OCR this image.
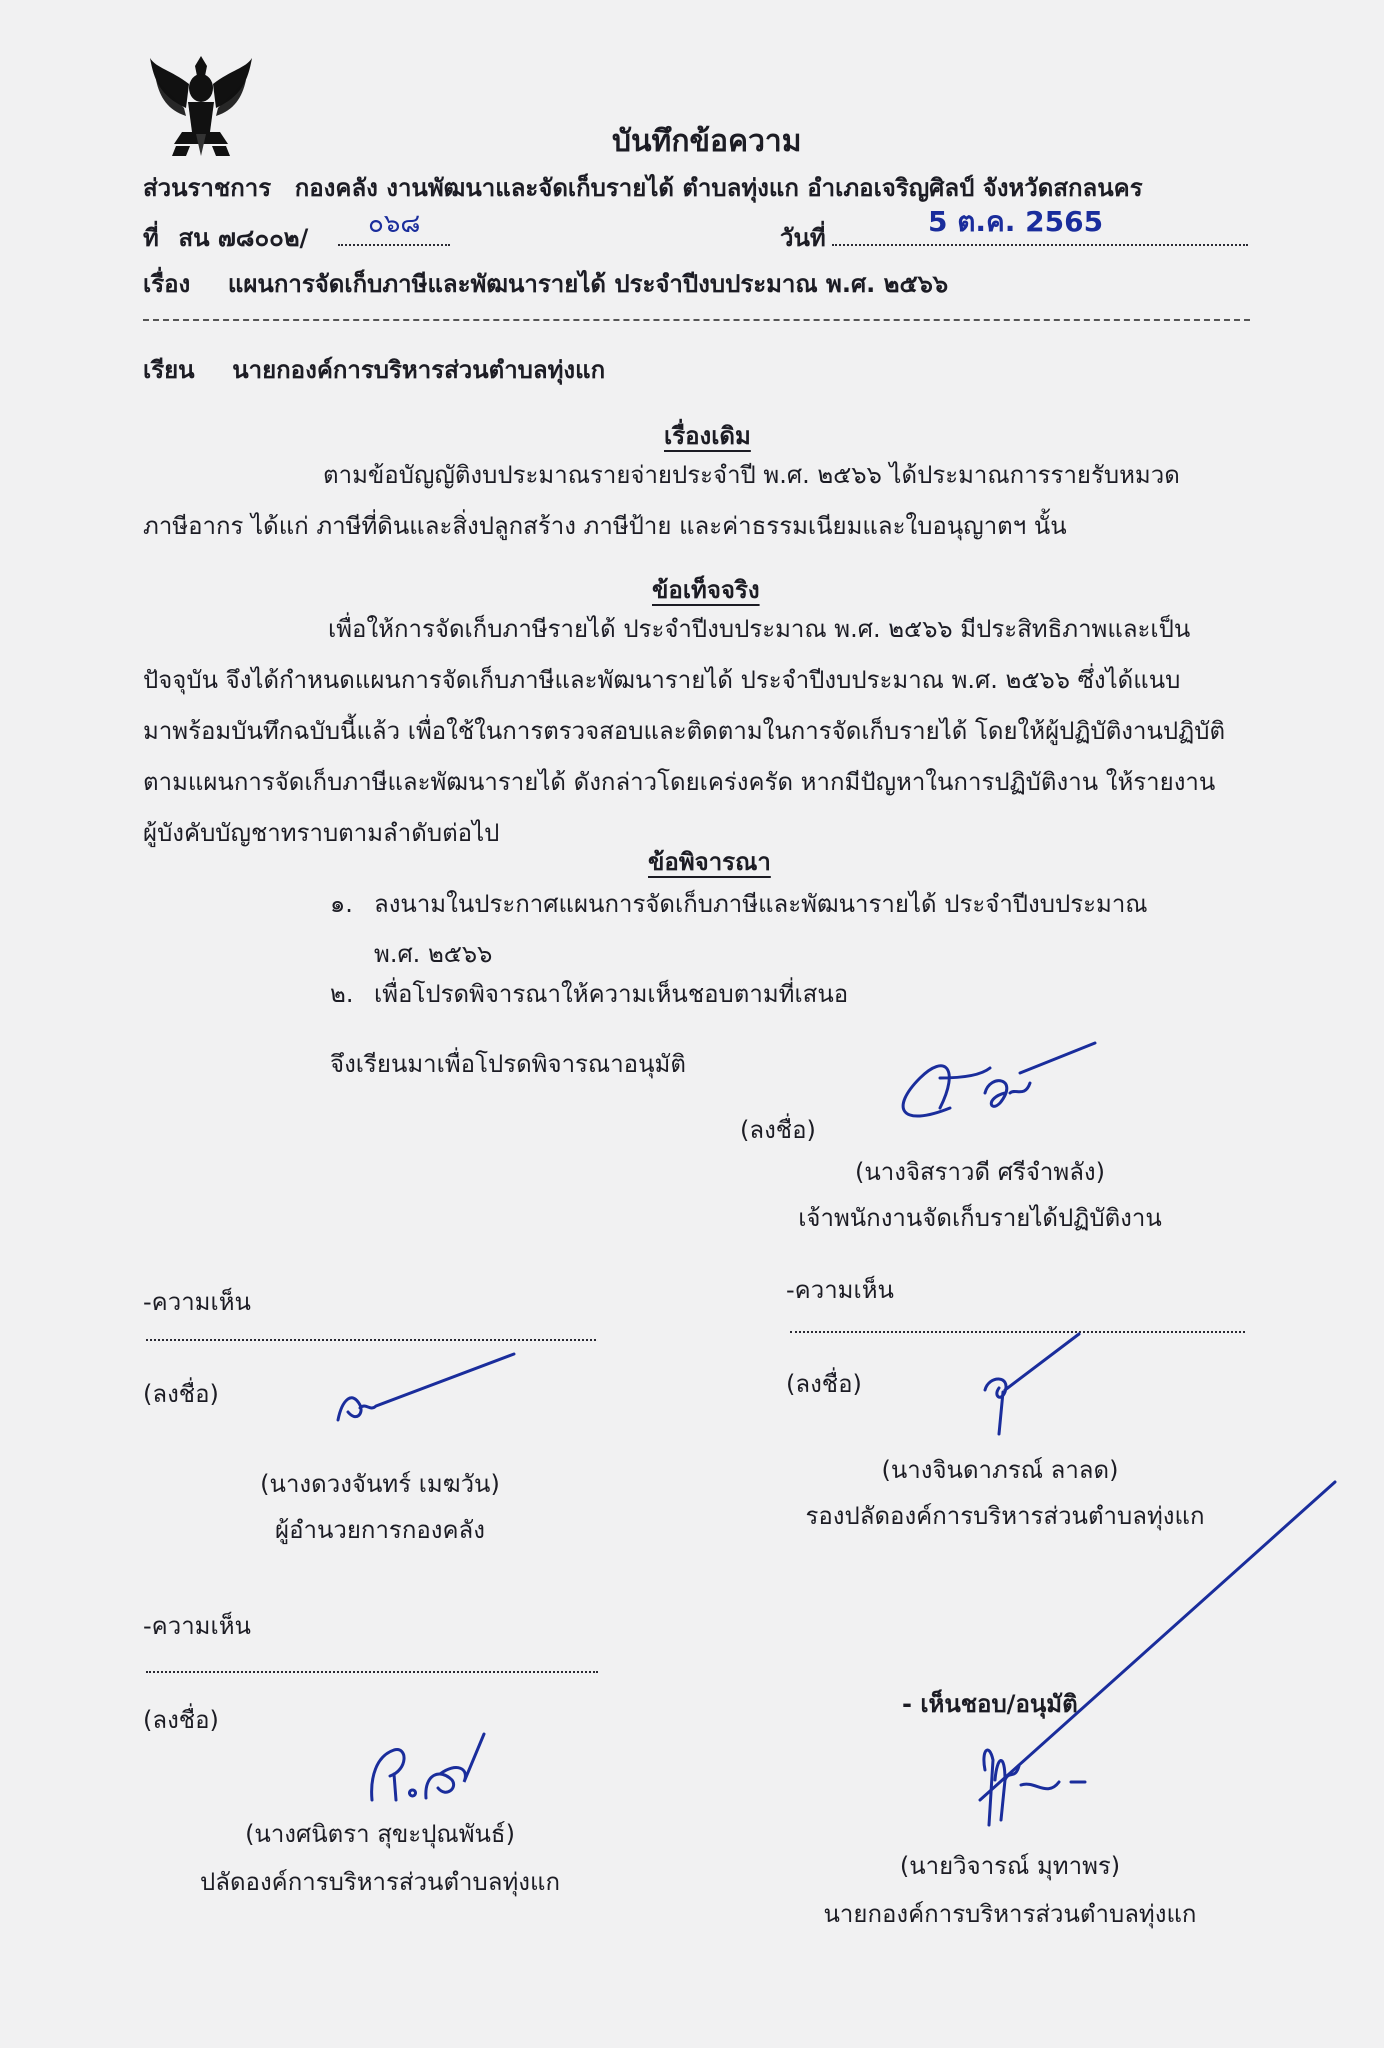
บันทึกข้อความ
ส่วนราชการ กองคลัง งานพัฒนาและจัดเก็บรายได้ ตำบลทุ่งแก อำเภอเจริญศิลป์ จังหวัดสกลนคร
ที่ สน ๗๘๐๐๒/ ๐๖๘	วันที่	5 ต.ค. 2565
เรื่อง แผนการจัดเก็บภาษีและพัฒนารายได้ ประจำปีงบประมาณ พ.ศ. ๒๕๖๖
เรียน นายกองค์การบริหารส่วนตำบลทุ่งแก
เรื่องเดิม
ตามข้อบัญญัติงบประมาณรายจ่ายประจำปี พ.ศ. ๒๕๖๖ ได้ประมาณการรายรับหมวด
ภาษีอากร ได้แก่ ภาษีที่ดินและสิ่งปลูกสร้าง ภาษีป้าย และค่าธรรมเนียมและใบอนุญาตฯ นั้น
ข้อเท็จจริง
เพื่อให้การจัดเก็บภาษีรายได้ ประจำปีงบประมาณ พ.ศ. ๒๕๖๖ มีประสิทธิภาพและเป็น
ปัจจุบัน จึงได้กำหนดแผนการจัดเก็บภาษีและพัฒนารายได้ ประจำปีงบประมาณ พ.ศ. ๒๕๖๖ ซึ่งได้แนบ
มาพร้อมบันทึกฉบับนี้แล้ว เพื่อใช้ในการตรวจสอบและติดตามในการจัดเก็บรายได้ โดยให้ผู้ปฏิบัติงานปฏิบัติ
ตามแผนการจัดเก็บภาษีและพัฒนารายได้ ดังกล่าวโดยเคร่งครัด หากมีปัญหาในการปฏิบัติงาน ให้รายงาน
ผู้บังคับบัญชาทราบตามลำดับต่อไป
ข้อพิจารณา
๑. ลงนามในประกาศแผนการจัดเก็บภาษีและพัฒนารายได้ ประจำปีงบประมาณ
พ.ศ. ๒๕๖๖
๒. เพื่อโปรดพิจารณาให้ความเห็นชอบตามที่เสนอ
จึงเรียนมาเพื่อโปรดพิจารณาอนุมัติ
(ลงชื่อ)
(นางจิสราวดี ศรีจำพลัง)
เจ้าพนักงานจัดเก็บรายได้ปฏิบัติงาน
-ความเห็น
(ลงชื่อ)
(นางดวงจันทร์ เมฆวัน)
ผู้อำนวยการกองคลัง
-ความเห็น
(ลงชื่อ)
(นางจินดาภรณ์ ลาลด)
รองปลัดองค์การบริหารส่วนตำบลทุ่งแก
-ความเห็น
(ลงชื่อ)
(นางศนิตรา สุขะปุณพันธ์)
ปลัดองค์การบริหารส่วนตำบลทุ่งแก
- เห็นชอบ/อนุมัติ
(นายวิจารณ์ มุทาพร)
นายกองค์การบริหารส่วนตำบลทุ่งแก
